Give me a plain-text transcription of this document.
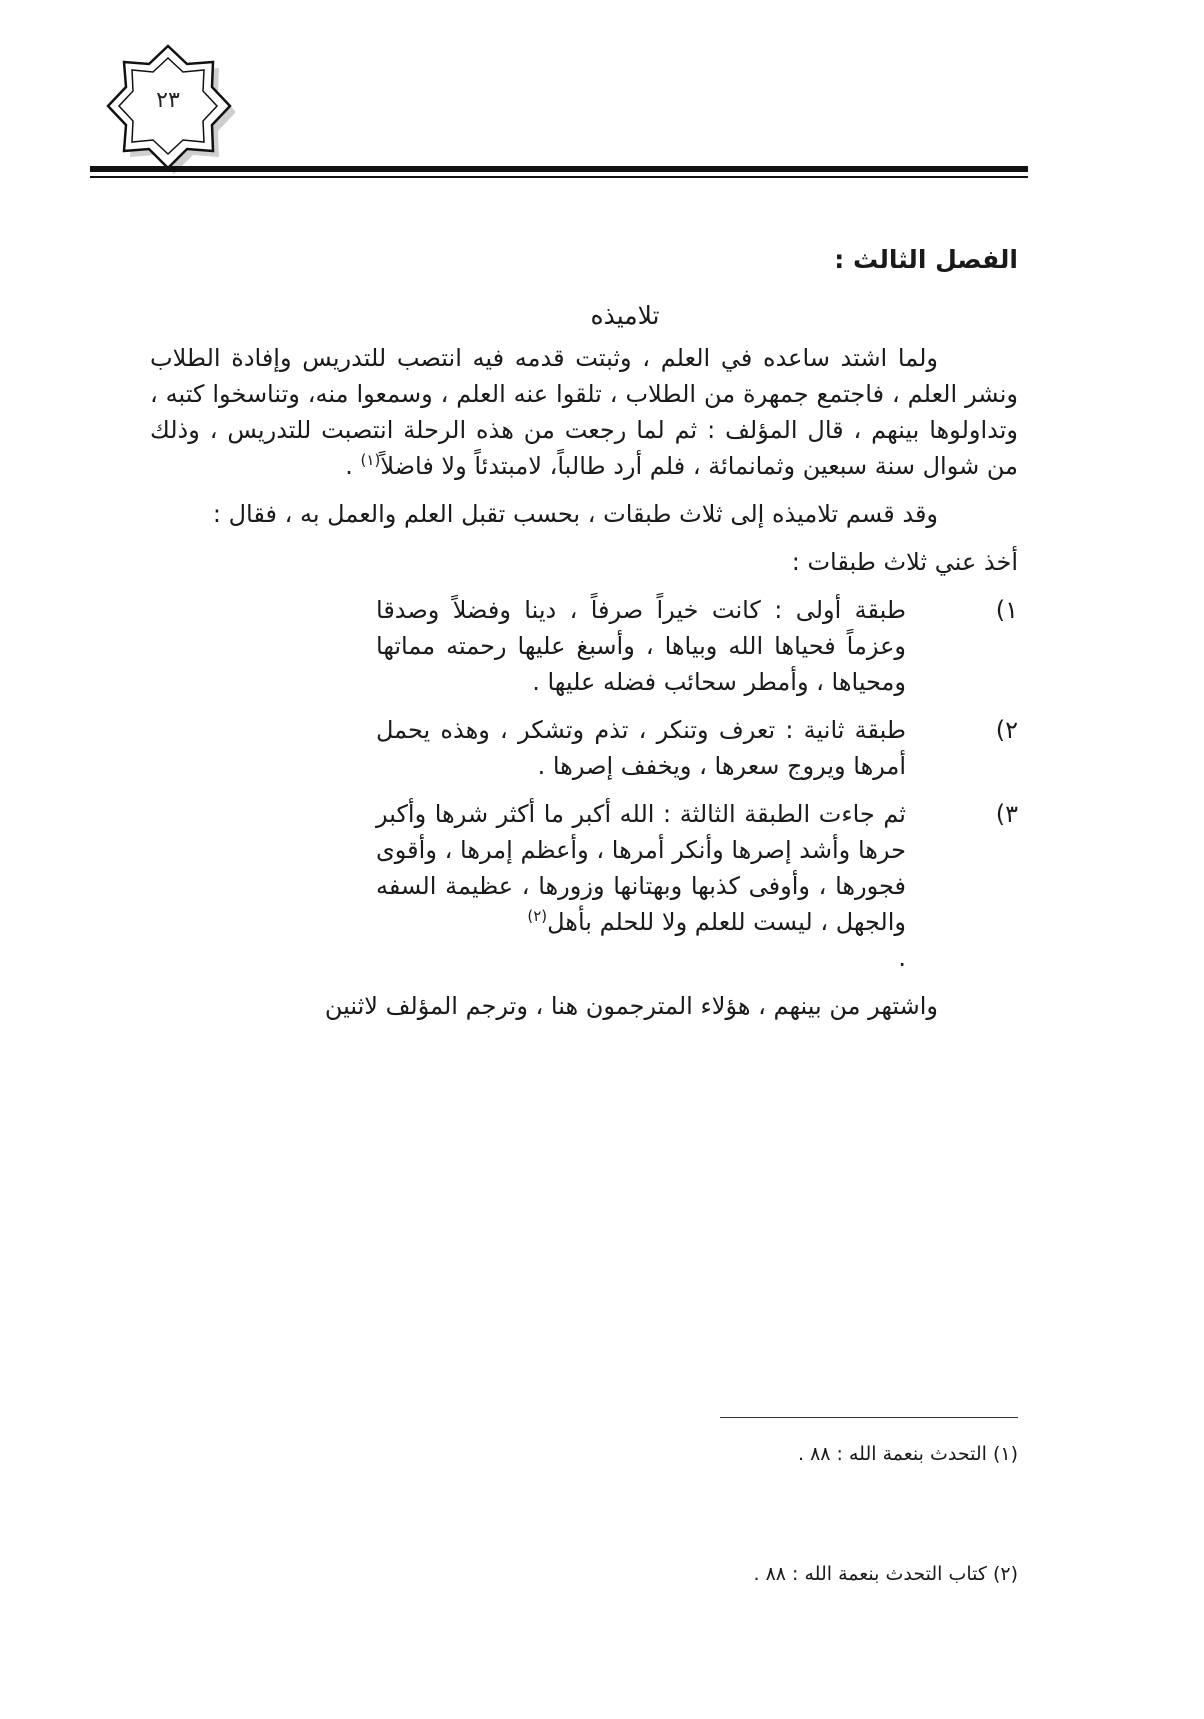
٢٣

الفصل الثالث :

تلاميذه

ولما اشتد ساعده في العلم ، وثبتت قدمه فيه انتصب للتدريس وإفادة الطلاب ونشر العلم ، فاجتمع جمهرة من الطلاب ، تلقوا عنه العلم ، وسمعوا منه، وتناسخوا كتبه ، وتداولوها بينهم ، قال المؤلف : ثم لما رجعت من هذه الرحلة انتصبت للتدريس ، وذلك من شوال سنة سبعين وثمانمائة ، فلم أرد طالباً، لامبتدئاً ولا فاضلاً$^{(١)}$ .

وقد قسم تلاميذه إلى ثلاث طبقات ، بحسب تقبل العلم والعمل به ، فقال :

أخذ عني ثلاث طبقات :

١)
طبقة أولى : كانت خيراً صرفاً ، دينا وفضلاً وصدقا وعزماً فحياها الله وبياها ، وأسبغ عليها رحمته مماتها ومحياها ، وأمطر سحائب فضله عليها .
٢)
طبقة ثانية : تعرف وتنكر ، تذم وتشكر ، وهذه يحمل أمرها ويروج سعرها ، ويخفف إصرها .
٣)
ثم جاءت الطبقة الثالثة : الله أكبر ما أكثر شرها وأكبر حرها وأشد إصرها وأنكر أمرها ، وأعظم إمرها ، وأقوى فجورها ، وأوفى كذبها وبهتانها وزورها ، عظيمة السفه والجهل ، ليست للعلم ولا للحلم بأهل$^{(٢)}$
.

واشتهر من بينهم ، هؤلاء المترجمون هنا ، وترجم المؤلف لاثنين

(١) التحدث بنعمة الله : ٨٨ .
(٢) كتاب التحدث بنعمة الله : ٨٨ .
